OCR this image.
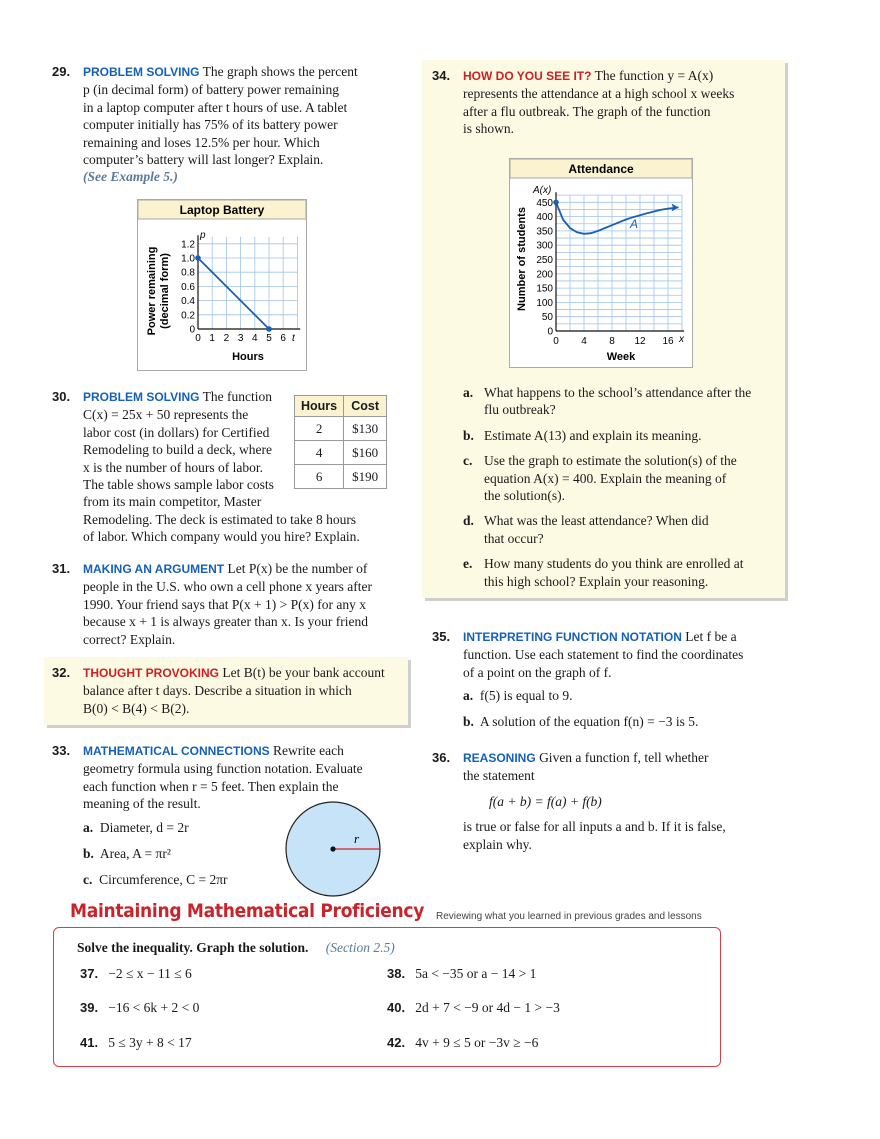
29. PROBLEM SOLVING The graph shows the percent
p (in decimal form) of battery power remaining
in a laptop computer after t hours of use. A tablet
computer initially has 75% of its battery power
remaining and loses 12.5% per hour. Which
computer’s battery will last longer? Explain.
(See Example 5.)
Laptop Battery
1.2
1.0
0.8
0.6
0.4
0.2
0
0 1 2 3 4 5 6
p
t
Power remaining (decimal form)
Hours
30. PROBLEM SOLVING The function
C(x) = 25x + 50 represents the
labor cost (in dollars) for Certified
Remodeling to build a deck, where
x is the number of hours of labor.
The table shows sample labor costs
from its main competitor, Master
Remodeling. The deck is estimated to take 8 hours
of labor. Which company would you hire? Explain.
Hours	Cost
2	$130
4	$160
6	$190
31. MAKING AN ARGUMENT Let P(x) be the number of
people in the U.S. who own a cell phone x years after
1990. Your friend says that P(x + 1) > P(x) for any x
because x + 1 is always greater than x. Is your friend
correct? Explain.
32. THOUGHT PROVOKING Let B(t) be your bank account
balance after t days. Describe a situation in which
B(0) < B(4) < B(2).
33. MATHEMATICAL CONNECTIONS Rewrite each
geometry formula using function notation. Evaluate
each function when r = 5 feet. Then explain the
meaning of the result.
a. Diameter, d = 2r
b. Area, A = πr²
c. Circumference, C = 2πr
r
34. HOW DO YOU SEE IT? The function y = A(x)
represents the attendance at a high school x weeks
after a flu outbreak. The graph of the function
is shown.
Attendance
450
400
350
300
250
200
150
100
50
0
0 4 8 12 16
A(x)
x
Number of students
Week
A
a. What happens to the school’s attendance after the
flu outbreak?
b. Estimate A(13) and explain its meaning.
c. Use the graph to estimate the solution(s) of the
equation A(x) = 400. Explain the meaning of
the solution(s).
d. What was the least attendance? When did
that occur?
e. How many students do you think are enrolled at
this high school? Explain your reasoning.
35. INTERPRETING FUNCTION NOTATION Let f be a
function. Use each statement to find the coordinates
of a point on the graph of f.
a. f(5) is equal to 9.
b. A solution of the equation f(n) = −3 is 5.
36. REASONING Given a function f, tell whether
the statement
f(a + b) = f(a) + f(b)
is true or false for all inputs a and b. If it is false,
explain why.
Maintaining Mathematical Proficiency	Reviewing what you learned in previous grades and lessons
Solve the inequality. Graph the solution. (Section 2.5)
37. −2 ≤ x − 11 ≤ 6	38. 5a < −35 or a − 14 > 1
39. −16 < 6k + 2 < 0	40. 2d + 7 < −9 or 4d − 1 > −3
41. 5 ≤ 3y + 8 < 17	42. 4v + 9 ≤ 5 or −3v ≥ −6
